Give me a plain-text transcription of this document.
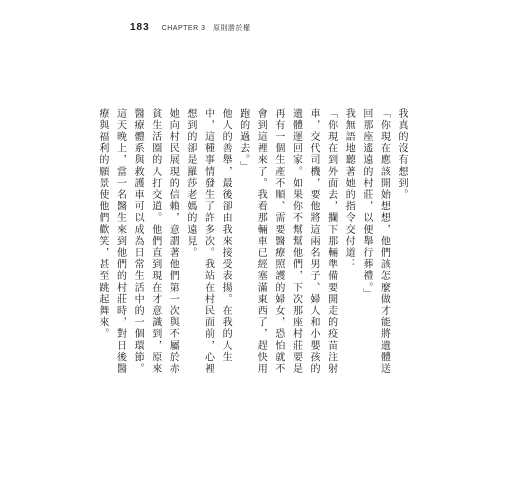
183 CHAPTER 3　原則勝於權

我真的沒有想到。

「你現在應該開始想想，他們該怎麼做才能將遺體送回那座遙遠的村莊，以便舉行葬禮。」

我無語地聽著她的指令交付道：

「你現在到外面去，攔下那輛準備要開走的疫苗注射車，交代司機，要他將這兩名男子、婦人和小嬰孩的遺體運回家。如果你不幫幫他們，下次那座村莊要是再有一個生產不順、需要醫療照護的婦女，恐怕就不會到這裡來了。我看那輛車已經塞滿東西了，趕快用跑的過去。」

他人的善舉，最後卻由我來接受表揚。在我的人生中，這種事情發生了許多次。我站在村民面前，心裡想到的卻是羅莎老媽的遠見。

她向村民展現的信賴，意謂著他們第一次與不屬於赤貧生活圈的人打交道。他們直到現在才意識到，原來醫療體系與救護車可以成為日常生活中的一個環節。這天晚上，當一名醫生來到他們的村莊時，對日後醫療與福利的願景使他們歡笑，甚至跳起舞來。
